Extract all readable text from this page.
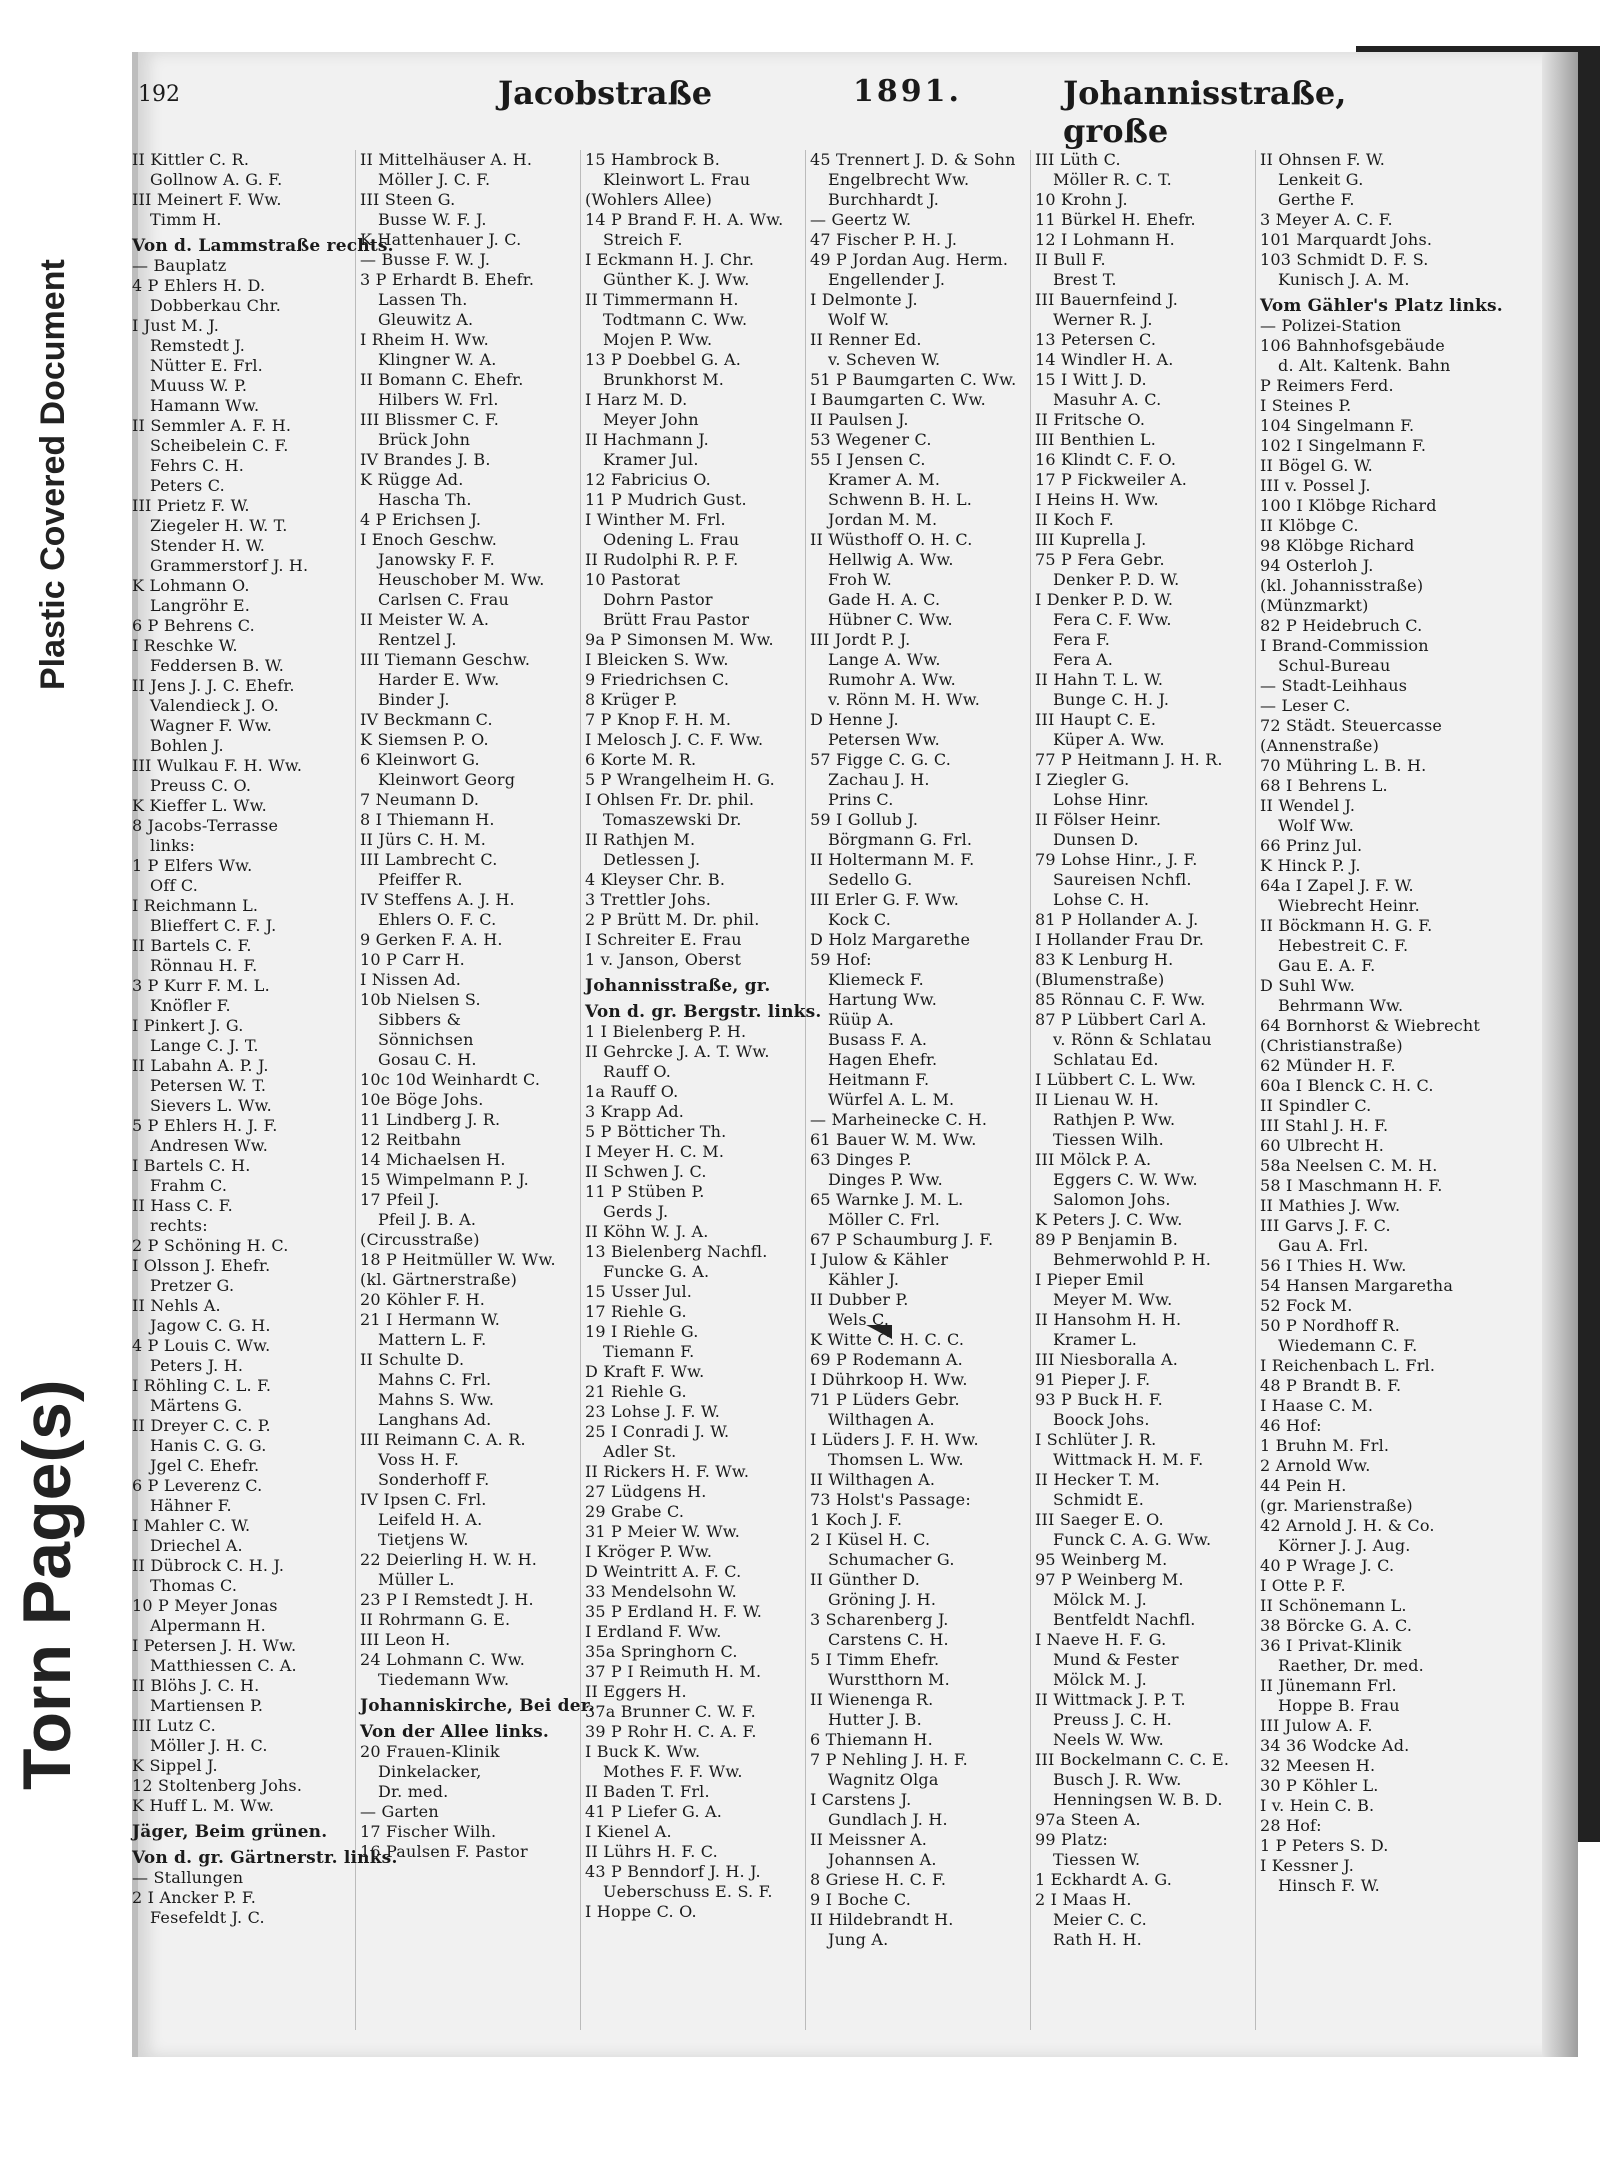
Plastic Covered Document
Torn Page(s)
192	Jacobstraße	1891.	Johannisstraße, große
II Kittler C. R.
Gollnow A. G. F.
III Meinert F. Ww.
Timm H.
Von d. Lammstraße rechts.
— Bauplatz
4 P Ehlers H. D.
Dobberkau Chr.
I Just M. J.
Remstedt J.
Nütter E. Frl.
Muuss W. P.
Hamann Ww.
II Semmler A. F. H.
Scheibelein C. F.
Fehrs C. H.
Peters C.
III Prietz F. W.
Ziegeler H. W. T.
Stender H. W.
Grammerstorf J. H.
K Lohmann O.
Langröhr E.
6 P Behrens C.
I Reschke W.
Feddersen B. W.
II Jens J. J. C. Ehefr.
Valendieck J. O.
Wagner F. Ww.
Bohlen J.
III Wulkau F. H. Ww.
Preuss C. O.
K Kieffer L. Ww.
8 Jacobs-Terrasse
links:
1 P Elfers Ww.
Off C.
I Reichmann L.
Blieffert C. F. J.
II Bartels C. F.
Rönnau H. F.
3 P Kurr F. M. L.
Knöfler F.
I Pinkert J. G.
Lange C. J. T.
II Labahn A. P. J.
Petersen W. T.
Sievers L. Ww.
5 P Ehlers H. J. F.
Andresen Ww.
I Bartels C. H.
Frahm C.
II Hass C. F.
rechts:
2 P Schöning H. C.
I Olsson J. Ehefr.
Pretzer G.
II Nehls A.
Jagow C. G. H.
4 P Louis C. Ww.
Peters J. H.
I Röhling C. L. F.
Märtens G.
II Dreyer C. C. P.
Hanis C. G. G.
Jgel C. Ehefr.
6 P Leverenz C.
Hähner F.
I Mahler C. W.
Driechel A.
II Dübrock C. H. J.
Thomas C.
10 P Meyer Jonas
Alpermann H.
I Petersen J. H. Ww.
Matthiessen C. A.
II Blöhs J. C. H.
Martiensen P.
III Lutz C.
Möller J. H. C.
K Sippel J.
12 Stoltenberg Johs.
K Huff L. M. Ww.
Jäger, Beim grünen.
Von d. gr. Gärtnerstr. links.
— Stallungen
2 I Ancker P. F.
Fesefeldt J. C.
II Mittelhäuser A. H.
Möller J. C. F.
III Steen G.
Busse W. F. J.
K Hattenhauer J. C.
— Busse F. W. J.
3 P Erhardt B. Ehefr.
Lassen Th.
Gleuwitz A.
I Rheim H. Ww.
Klingner W. A.
II Bomann C. Ehefr.
Hilbers W. Frl.
III Blissmer C. F.
Brück John
IV Brandes J. B.
K Rügge Ad.
Hascha Th.
4 P Erichsen J.
I Enoch Geschw.
Janowsky F. F.
Heuschober M. Ww.
Carlsen C. Frau
II Meister W. A.
Rentzel J.
III Tiemann Geschw.
Harder E. Ww.
Binder J.
IV Beckmann C.
K Siemsen P. O.
6 Kleinwort G.
Kleinwort Georg
7 Neumann D.
8 I Thiemann H.
II Jürs C. H. M.
III Lambrecht C.
Pfeiffer R.
IV Steffens A. J. H.
Ehlers O. F. C.
9 Gerken F. A. H.
10 P Carr H.
I Nissen Ad.
10b Nielsen S.
Sibbers &
Sönnichsen
Gosau C. H.
10c 10d Weinhardt C.
10e Böge Johs.
11 Lindberg J. R.
12 Reitbahn
14 Michaelsen H.
15 Wimpelmann P. J.
17 Pfeil J.
Pfeil J. B. A.
(Circusstraße)
18 P Heitmüller W. Ww.
(kl. Gärtnerstraße)
20 Köhler F. H.
21 I Hermann W.
Mattern L. F.
II Schulte D.
Mahns C. Frl.
Mahns S. Ww.
Langhans Ad.
III Reimann C. A. R.
Voss H. F.
Sonderhoff F.
IV Ipsen C. Frl.
Leifeld H. A.
Tietjens W.
22 Deierling H. W. H.
Müller L.
23 P I Remstedt J. H.
II Rohrmann G. E.
III Leon H.
24 Lohmann C. Ww.
Tiedemann Ww.
Johanniskirche, Bei der.
Von der Allee links.
20 Frauen-Klinik
Dinkelacker,
Dr. med.
— Garten
17 Fischer Wilh.
16 Paulsen F. Pastor
15 Hambrock B.
Kleinwort L. Frau
(Wohlers Allee)
14 P Brand F. H. A. Ww.
Streich F.
I Eckmann H. J. Chr.
Günther K. J. Ww.
II Timmermann H.
Todtmann C. Ww.
Mojen P. Ww.
13 P Doebbel G. A.
Brunkhorst M.
I Harz M. D.
Meyer John
II Hachmann J.
Kramer Jul.
12 Fabricius O.
11 P Mudrich Gust.
I Winther M. Frl.
Odening L. Frau
II Rudolphi R. P. F.
10 Pastorat
Dohrn Pastor
Brütt Frau Pastor
9a P Simonsen M. Ww.
I Bleicken S. Ww.
9 Friedrichsen C.
8 Krüger P.
7 P Knop F. H. M.
I Melosch J. C. F. Ww.
6 Korte M. R.
5 P Wrangelheim H. G.
I Ohlsen Fr. Dr. phil.
Tomaszewski Dr.
II Rathjen M.
Detlessen J.
4 Kleyser Chr. B.
3 Trettler Johs.
2 P Brütt M. Dr. phil.
I Schreiter E. Frau
1 v. Janson, Oberst
Johannisstraße, gr.
Von d. gr. Bergstr. links.
1 I Bielenberg P. H.
II Gehrcke J. A. T. Ww.
Rauff O.
1a Rauff O.
3 Krapp Ad.
5 P Bötticher Th.
I Meyer H. C. M.
II Schwen J. C.
11 P Stüben P.
Gerds J.
II Köhn W. J. A.
13 Bielenberg Nachfl.
Funcke G. A.
15 Usser Jul.
17 Riehle G.
19 I Riehle G.
Tiemann F.
D Kraft F. Ww.
21 Riehle G.
23 Lohse J. F. W.
25 I Conradi J. W.
Adler St.
II Rickers H. F. Ww.
27 Lüdgens H.
29 Grabe C.
31 P Meier W. Ww.
I Kröger P. Ww.
D Weintritt A. F. C.
33 Mendelsohn W.
35 P Erdland H. F. W.
I Erdland F. Ww.
35a Springhorn C.
37 P I Reimuth H. M.
II Eggers H.
37a Brunner C. W. F.
39 P Rohr H. C. A. F.
I Buck K. Ww.
Mothes F. F. Ww.
II Baden T. Frl.
41 P Liefer G. A.
I Kienel A.
II Lührs H. F. C.
43 P Benndorf J. H. J.
Ueberschuss E. S. F.
I Hoppe C. O.
45 Trennert J. D. & Sohn
Engelbrecht Ww.
Burchhardt J.
— Geertz W.
47 Fischer P. H. J.
49 P Jordan Aug. Herm.
Engellender J.
I Delmonte J.
Wolf W.
II Renner Ed.
v. Scheven W.
51 P Baumgarten C. Ww.
I Baumgarten C. Ww.
II Paulsen J.
53 Wegener C.
55 I Jensen C.
Kramer A. M.
Schwenn B. H. L.
Jordan M. M.
II Wüsthoff O. H. C.
Hellwig A. Ww.
Froh W.
Gade H. A. C.
Hübner C. Ww.
III Jordt P. J.
Lange A. Ww.
Rumohr A. Ww.
v. Rönn M. H. Ww.
D Henne J.
Petersen Ww.
57 Figge C. G. C.
Zachau J. H.
Prins C.
59 I Gollub J.
Börgmann G. Frl.
II Holtermann M. F.
Sedello G.
III Erler G. F. Ww.
Kock C.
D Holz Margarethe
59 Hof:
Kliemeck F.
Hartung Ww.
Rüüp A.
Busass F. A.
Hagen Ehefr.
Heitmann F.
Würfel A. L. M.
— Marheinecke C. H.
61 Bauer W. M. Ww.
63 Dinges P.
Dinges P. Ww.
65 Warnke J. M. L.
Möller C. Frl.
67 P Schaumburg J. F.
I Julow & Kähler
Kähler J.
II Dubber P.
Wels C.
K Witte C. H. C. C.
69 P Rodemann A.
I Dührkoop H. Ww.
71 P Lüders Gebr.
Wilthagen A.
I Lüders J. F. H. Ww.
Thomsen L. Ww.
II Wilthagen A.
73 Holst's Passage:
1 Koch J. F.
2 I Küsel H. C.
Schumacher G.
II Günther D.
Gröning J. H.
3 Scharenberg J.
Carstens C. H.
5 I Timm Ehefr.
Wurstthorn M.
II Wienenga R.
Hutter J. B.
6 Thiemann H.
7 P Nehling J. H. F.
Wagnitz Olga
I Carstens J.
Gundlach J. H.
II Meissner A.
Johannsen A.
8 Griese H. C. F.
9 I Boche C.
II Hildebrandt H.
Jung A.
III Lüth C.
Möller R. C. T.
10 Krohn J.
11 Bürkel H. Ehefr.
12 I Lohmann H.
II Bull F.
Brest T.
III Bauernfeind J.
Werner R. J.
13 Petersen C.
14 Windler H. A.
15 I Witt J. D.
Masuhr A. C.
II Fritsche O.
III Benthien L.
16 Klindt C. F. O.
17 P Fickweiler A.
I Heins H. Ww.
II Koch F.
III Kuprella J.
75 P Fera Gebr.
Denker P. D. W.
I Denker P. D. W.
Fera C. F. Ww.
Fera F.
Fera A.
II Hahn T. L. W.
Bunge C. H. J.
III Haupt C. E.
Küper A. Ww.
77 P Heitmann J. H. R.
I Ziegler G.
Lohse Hinr.
II Fölser Heinr.
Dunsen D.
79 Lohse Hinr., J. F.
Saureisen Nchfl.
Lohse C. H.
81 P Hollander A. J.
I Hollander Frau Dr.
83 K Lenburg H.
(Blumenstraße)
85 Rönnau C. F. Ww.
87 P Lübbert Carl A.
v. Rönn & Schlatau
Schlatau Ed.
I Lübbert C. L. Ww.
II Lienau W. H.
Rathjen P. Ww.
Tiessen Wilh.
III Mölck P. A.
Eggers C. W. Ww.
Salomon Johs.
K Peters J. C. Ww.
89 P Benjamin B.
Behmerwohld P. H.
I Pieper Emil
Meyer M. Ww.
II Hansohm H. H.
Kramer L.
III Niesboralla A.
91 Pieper J. F.
93 P Buck H. F.
Boock Johs.
I Schlüter J. R.
Wittmack H. M. F.
II Hecker T. M.
Schmidt E.
III Saeger E. O.
Funck C. A. G. Ww.
95 Weinberg M.
97 P Weinberg M.
Mölck M. J.
Bentfeldt Nachfl.
I Naeve H. F. G.
Mund & Fester
Mölck M. J.
II Wittmack J. P. T.
Preuss J. C. H.
Neels W. Ww.
III Bockelmann C. C. E.
Busch J. R. Ww.
Henningsen W. B. D.
97a Steen A.
99 Platz:
Tiessen W.
1 Eckhardt A. G.
2 I Maas H.
Meier C. C.
Rath H. H.
II Ohnsen F. W.
Lenkeit G.
Gerthe F.
3 Meyer A. C. F.
101 Marquardt Johs.
103 Schmidt D. F. S.
Kunisch J. A. M.
Vom Gähler's Platz links.
— Polizei-Station
106 Bahnhofsgebäude
d. Alt. Kaltenk. Bahn
P Reimers Ferd.
I Steines P.
104 Singelmann F.
102 I Singelmann F.
II Bögel G. W.
III v. Possel J.
100 I Klöbge Richard
II Klöbge C.
98 Klöbge Richard
94 Osterloh J.
(kl. Johannisstraße)
(Münzmarkt)
82 P Heidebruch C.
I Brand-Commission
Schul-Bureau
— Stadt-Leihhaus
— Leser C.
72 Städt. Steuercasse
(Annenstraße)
70 Mühring L. B. H.
68 I Behrens L.
II Wendel J.
Wolf Ww.
66 Prinz Jul.
K Hinck P. J.
64a I Zapel J. F. W.
Wiebrecht Heinr.
II Böckmann H. G. F.
Hebestreit C. F.
Gau E. A. F.
D Suhl Ww.
Behrmann Ww.
64 Bornhorst & Wiebrecht
(Christianstraße)
62 Münder H. F.
60a I Blenck C. H. C.
II Spindler C.
III Stahl J. H. F.
60 Ulbrecht H.
58a Neelsen C. M. H.
58 I Maschmann H. F.
II Mathies J. Ww.
III Garvs J. F. C.
Gau A. Frl.
56 I Thies H. Ww.
54 Hansen Margaretha
52 Fock M.
50 P Nordhoff R.
Wiedemann C. F.
I Reichenbach L. Frl.
48 P Brandt B. F.
I Haase C. M.
46 Hof:
1 Bruhn M. Frl.
2 Arnold Ww.
44 Pein H.
(gr. Marienstraße)
42 Arnold J. H. & Co.
Körner J. J. Aug.
40 P Wrage J. C.
I Otte P. F.
II Schönemann L.
38 Börcke G. A. C.
36 I Privat-Klinik
Raether, Dr. med.
II Jünemann Frl.
Hoppe B. Frau
III Julow A. F.
34 36 Wodcke Ad.
32 Meesen H.
30 P Köhler L.
I v. Hein C. B.
28 Hof:
1 P Peters S. D.
I Kessner J.
Hinsch F. W.
